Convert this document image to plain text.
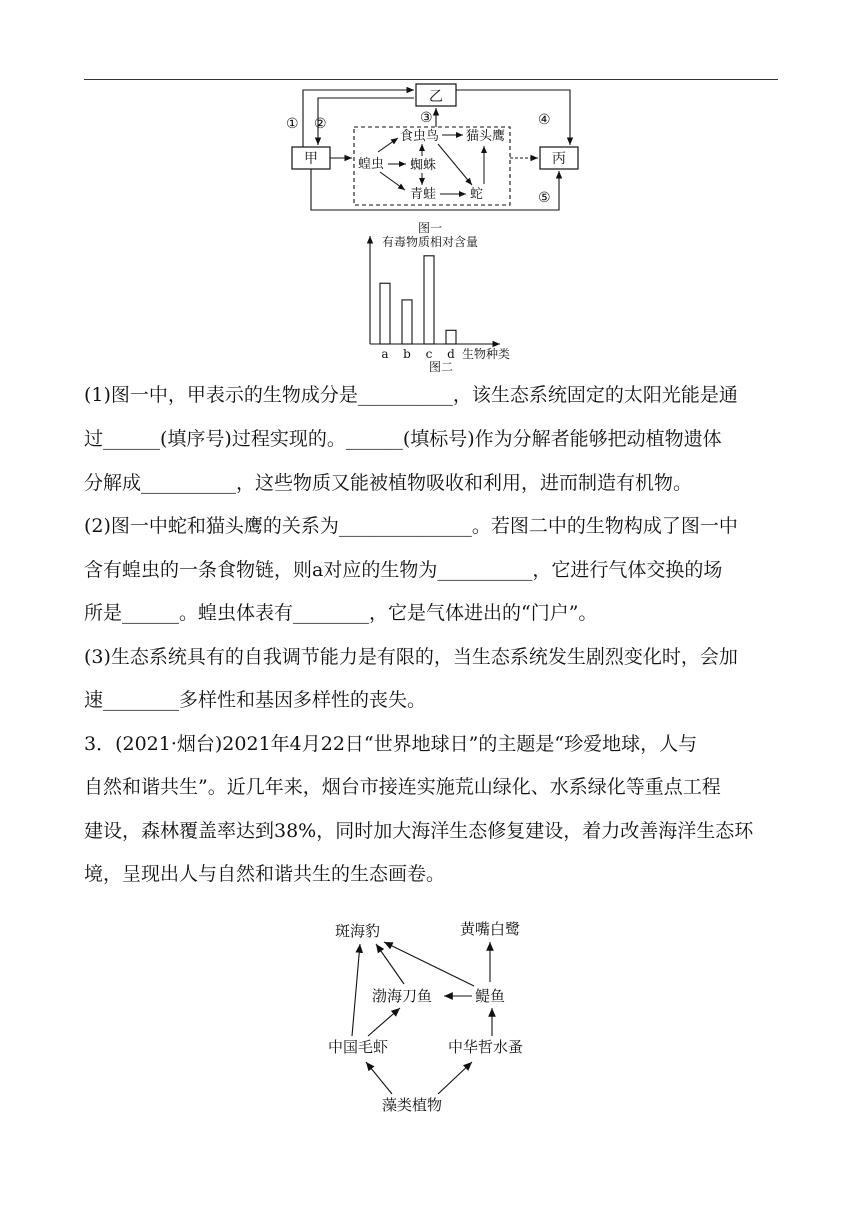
乙
甲	丙
① ②	③	④
⑤
蝗虫
食虫鸟 猫头鹰
蜘蛛
青蛙	蛇
图一
有毒物质相对含量
生物种类
a b c d
图二

(1)图一中，甲表示的生物成分是__________，该生态系统固定的太阳光能是通

过______(填序号)过程实现的。______(填标号)作为分解者能够把动植物遗体

分解成__________，这些物质又能被植物吸收和利用，进而制造有机物。

(2)图一中蛇和猫头鹰的关系为______________。若图二中的生物构成了图一中

含有蝗虫的一条食物链，则a对应的生物为__________，它进行气体交换的场

所是______。蝗虫体表有________，它是气体进出的“门户”。

(3)生态系统具有的自我调节能力是有限的，当生态系统发生剧烈变化时，会加

速________多样性和基因多样性的丧失。

3．(2021·烟台)2021年4月22日“世界地球日”的主题是“珍爱地球，人与

自然和谐共生”。近几年来，烟台市接连实施荒山绿化、水系绿化等重点工程

建设，森林覆盖率达到38%，同时加大海洋生态修复建设，着力改善海洋生态环

境，呈现出人与自然和谐共生的生态画卷。

斑海豹	黄嘴白鹭
渤海刀鱼	鳀鱼
中国毛虾	中华哲水蚤
藻类植物
